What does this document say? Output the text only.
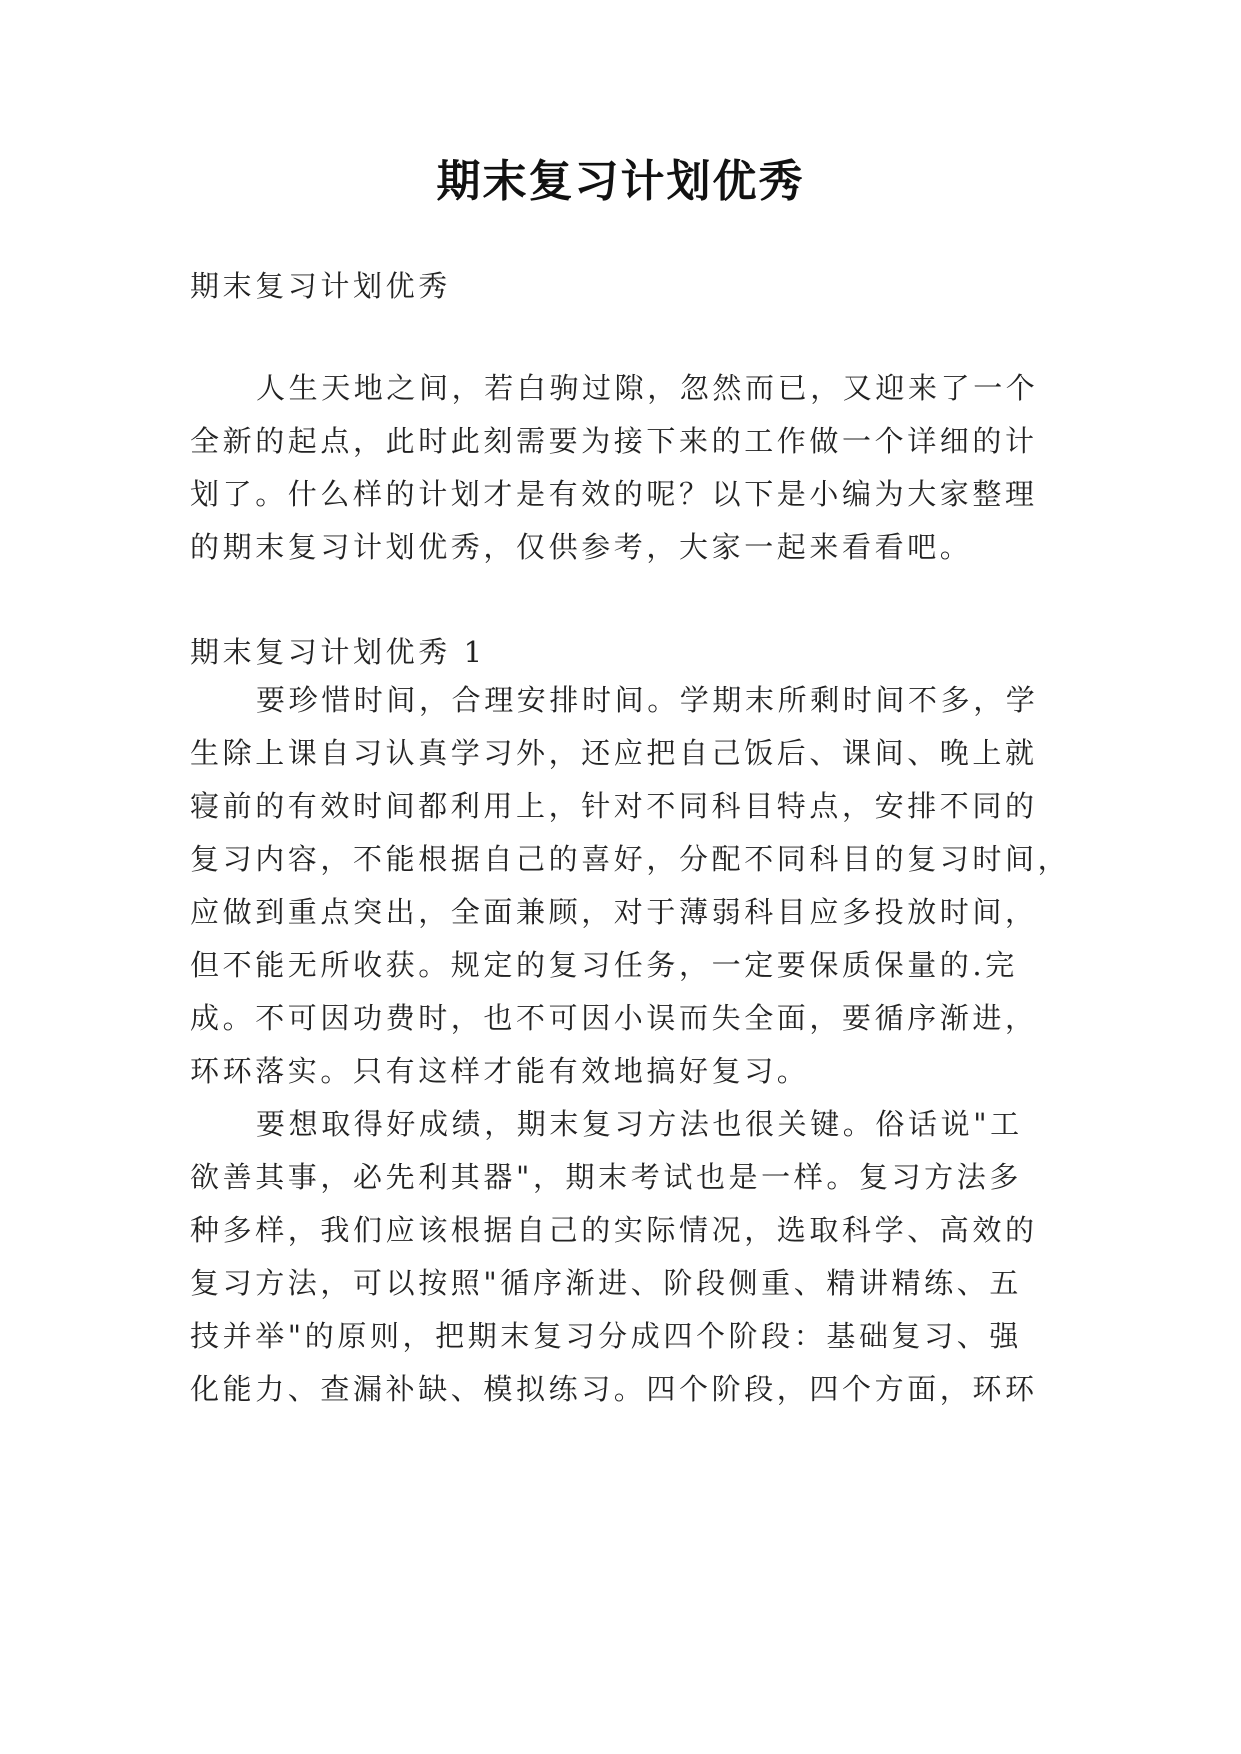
期末复习计划优秀

期末复习计划优秀

人生天地之间，若白驹过隙，忽然而已，又迎来了一个

全新的起点，此时此刻需要为接下来的工作做一个详细的计

划了。什么样的计划才是有效的呢？以下是小编为大家整理

的期末复习计划优秀，仅供参考，大家一起来看看吧。

期末复习计划优秀 1

要珍惜时间，合理安排时间。学期末所剩时间不多，学

生除上课自习认真学习外，还应把自己饭后、课间、晚上就

寝前的有效时间都利用上，针对不同科目特点，安排不同的

复习内容，不能根据自己的喜好，分配不同科目的复习时间，

应做到重点突出，全面兼顾，对于薄弱科目应多投放时间，

但不能无所收获。规定的复习任务，一定要保质保量的.完

成。不可因功费时，也不可因小误而失全面，要循序渐进，

环环落实。只有这样才能有效地搞好复习。

要想取得好成绩，期末复习方法也很关键。俗话说"工

欲善其事，必先利其器"，期末考试也是一样。复习方法多

种多样，我们应该根据自己的实际情况，选取科学、高效的

复习方法，可以按照"循序渐进、阶段侧重、精讲精练、五

技并举"的原则，把期末复习分成四个阶段：基础复习、强

化能力、查漏补缺、模拟练习。四个阶段，四个方面，环环
